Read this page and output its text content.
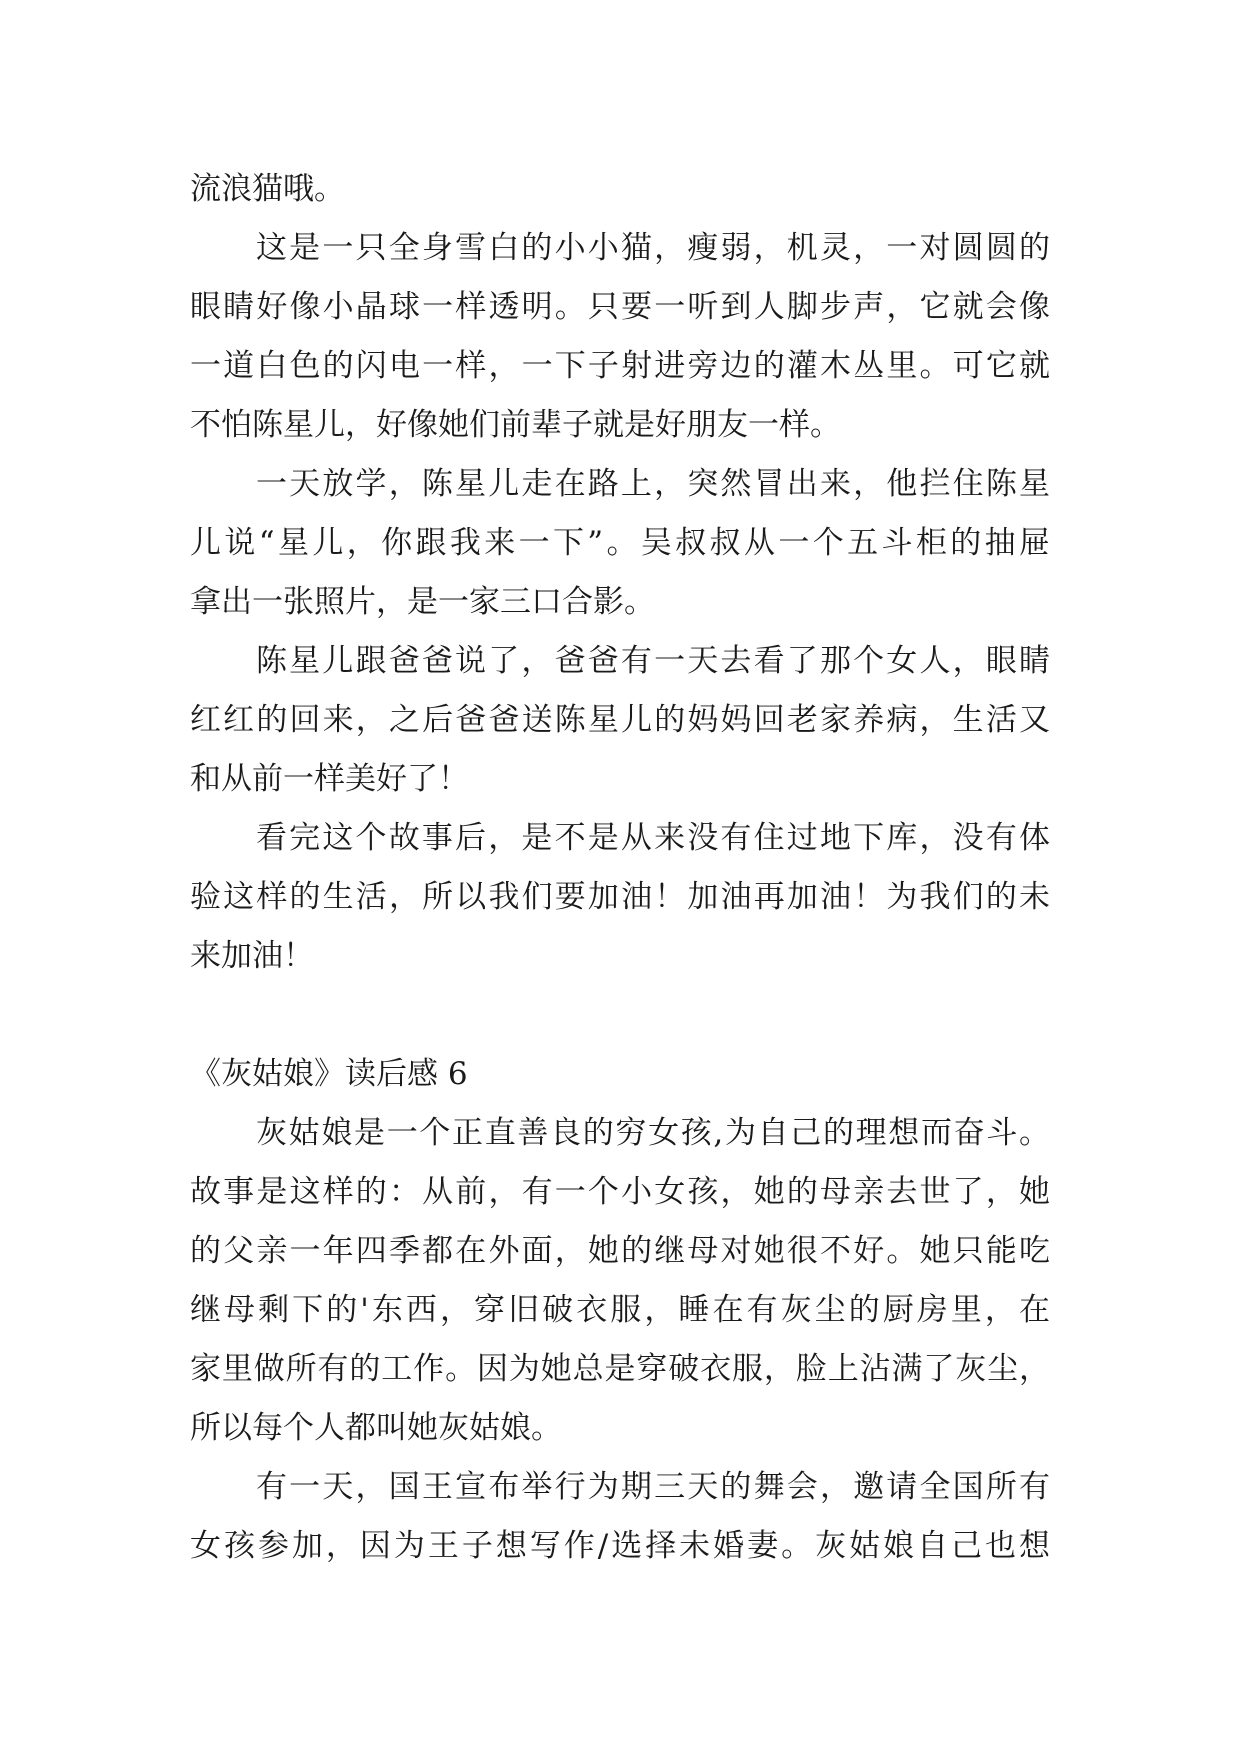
流浪猫哦。
这是一只全身雪白的小小猫，瘦弱，机灵，一对圆圆的
眼睛好像小晶球一样透明。只要一听到人脚步声，它就会像
一道白色的闪电一样，一下子射进旁边的灌木丛里。可它就
不怕陈星儿，好像她们前辈子就是好朋友一样。
一天放学，陈星儿走在路上，突然冒出来，他拦住陈星
儿说“星儿，你跟我来一下”。吴叔叔从一个五斗柜的抽屉
拿出一张照片，是一家三口合影。
陈星儿跟爸爸说了，爸爸有一天去看了那个女人，眼睛
红红的回来，之后爸爸送陈星儿的妈妈回老家养病，生活又
和从前一样美好了！
看完这个故事后，是不是从来没有住过地下库，没有体
验这样的生活，所以我们要加油！加油再加油！为我们的未
来加油！
《灰姑娘》读后感 6
灰姑娘是一个正直善良的穷女孩,为自己的理想而奋斗。
故事是这样的：从前，有一个小女孩，她的母亲去世了，她
的父亲一年四季都在外面，她的继母对她很不好。她只能吃
继母剩下的'东西，穿旧破衣服，睡在有灰尘的厨房里，在
家里做所有的工作。因为她总是穿破衣服，脸上沾满了灰尘，
所以每个人都叫她灰姑娘。
有一天，国王宣布举行为期三天的舞会，邀请全国所有
女孩参加，因为王子想写作/选择未婚妻。灰姑娘自己也想
